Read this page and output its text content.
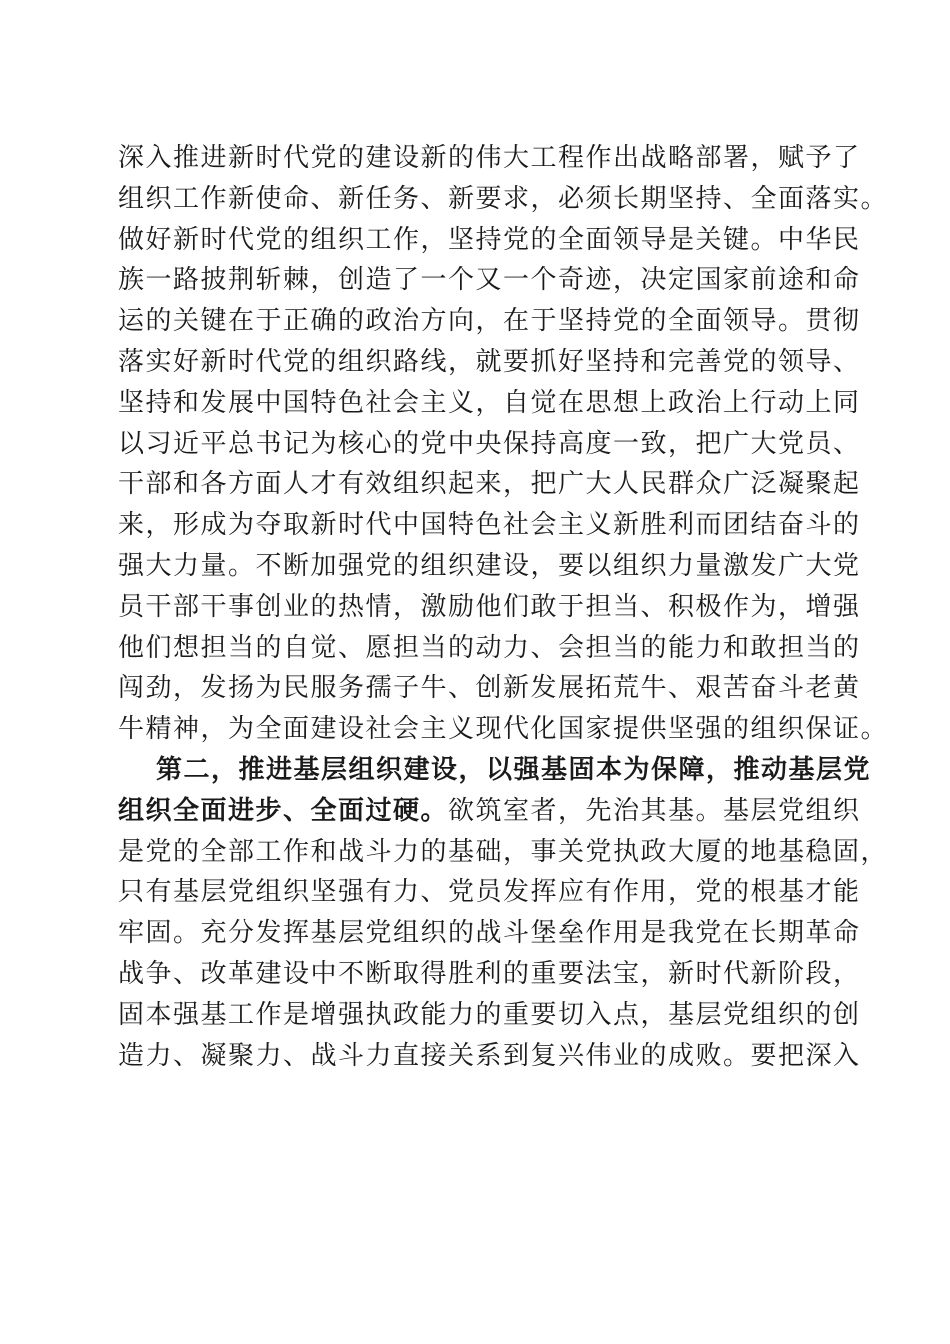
深入推进新时代党的建设新的伟大工程作出战略部署，赋予了
组织工作新使命、新任务、新要求，必须长期坚持、全面落实。
做好新时代党的组织工作，坚持党的全面领导是关键。中华民
族一路披荆斩棘，创造了一个又一个奇迹，决定国家前途和命
运的关键在于正确的政治方向，在于坚持党的全面领导。贯彻
落实好新时代党的组织路线，就要抓好坚持和完善党的领导、
坚持和发展中国特色社会主义，自觉在思想上政治上行动上同
以习近平总书记为核心的党中央保持高度一致，把广大党员、
干部和各方面人才有效组织起来，把广大人民群众广泛凝聚起
来，形成为夺取新时代中国特色社会主义新胜利而团结奋斗的
强大力量。不断加强党的组织建设，要以组织力量激发广大党
员干部干事创业的热情，激励他们敢于担当、积极作为，增强
他们想担当的自觉、愿担当的动力、会担当的能力和敢担当的
闯劲，发扬为民服务孺子牛、创新发展拓荒牛、艰苦奋斗老黄
牛精神，为全面建设社会主义现代化国家提供坚强的组织保证。
第二，推进基层组织建设，以强基固本为保障，推动基层党
组织全面进步、全面过硬。欲筑室者，先治其基。基层党组织
是党的全部工作和战斗力的基础，事关党执政大厦的地基稳固，
只有基层党组织坚强有力、党员发挥应有作用，党的根基才能
牢固。充分发挥基层党组织的战斗堡垒作用是我党在长期革命
战争、改革建设中不断取得胜利的重要法宝，新时代新阶段，
固本强基工作是增强执政能力的重要切入点，基层党组织的创
造力、凝聚力、战斗力直接关系到复兴伟业的成败。要把深入
